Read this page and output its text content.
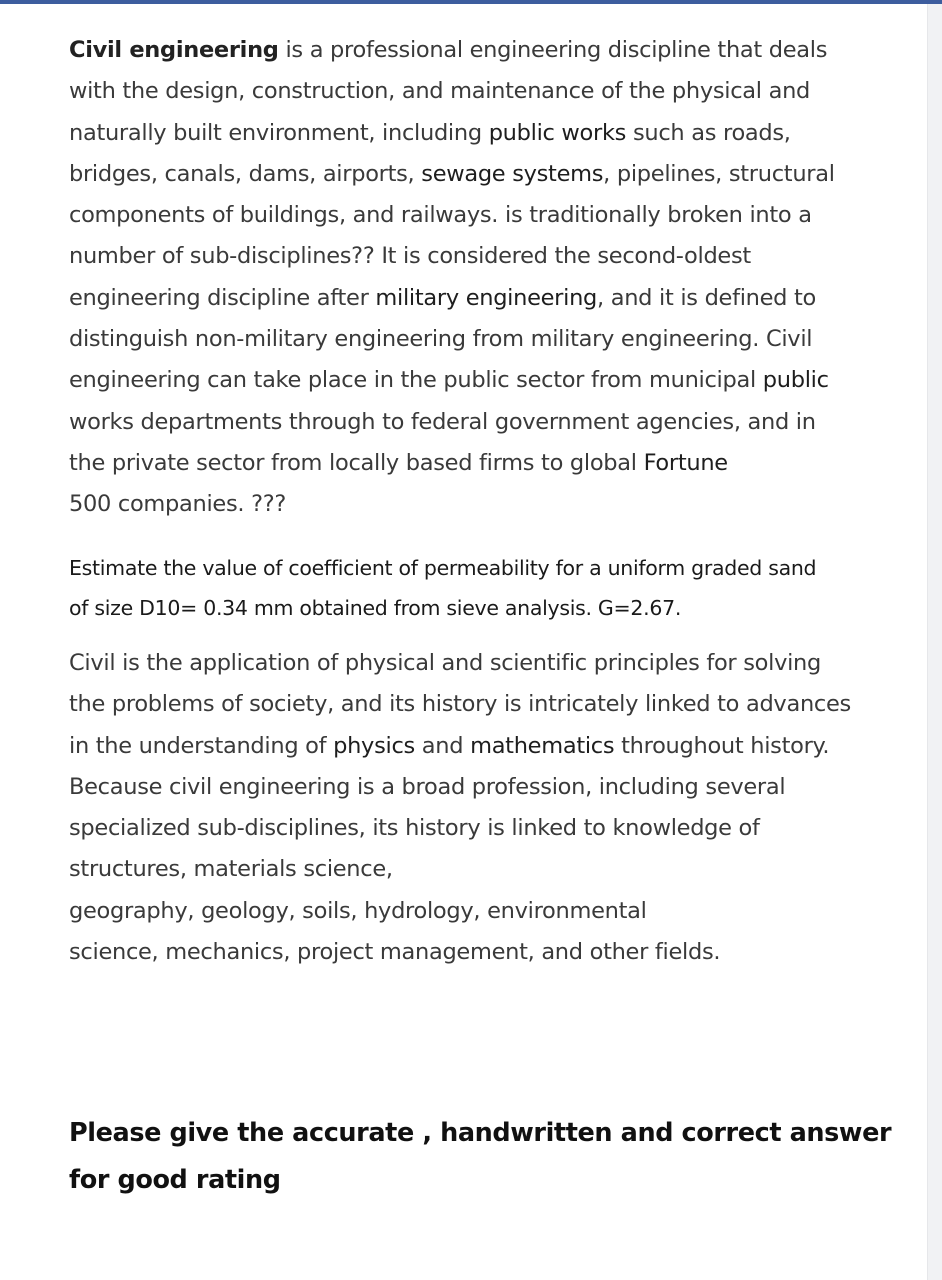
Civil engineering is a professional engineering discipline that deals
with the design, construction, and maintenance of the physical and
naturally built environment, including public works such as roads,
bridges, canals, dams, airports, sewage systems, pipelines, structural
components of buildings, and railways. is traditionally broken into a
number of sub-disciplines?? It is considered the second-oldest
engineering discipline after military engineering, and it is defined to
distinguish non-military engineering from military engineering. Civil
engineering can take place in the public sector from municipal public
works departments through to federal government agencies, and in
the private sector from locally based firms to global Fortune
500 companies. ???

Estimate the value of coefficient of permeability for a uniform graded sand
of size D10= 0.34 mm obtained from sieve analysis. G=2.67.

Civil is the application of physical and scientific principles for solving
the problems of society, and its history is intricately linked to advances
in the understanding of physics and mathematics throughout history.
Because civil engineering is a broad profession, including several
specialized sub-disciplines, its history is linked to knowledge of
structures, materials science,
geography, geology, soils, hydrology, environmental
science, mechanics, project management, and other fields.

Please give the accurate , handwritten and correct answer
for good rating
